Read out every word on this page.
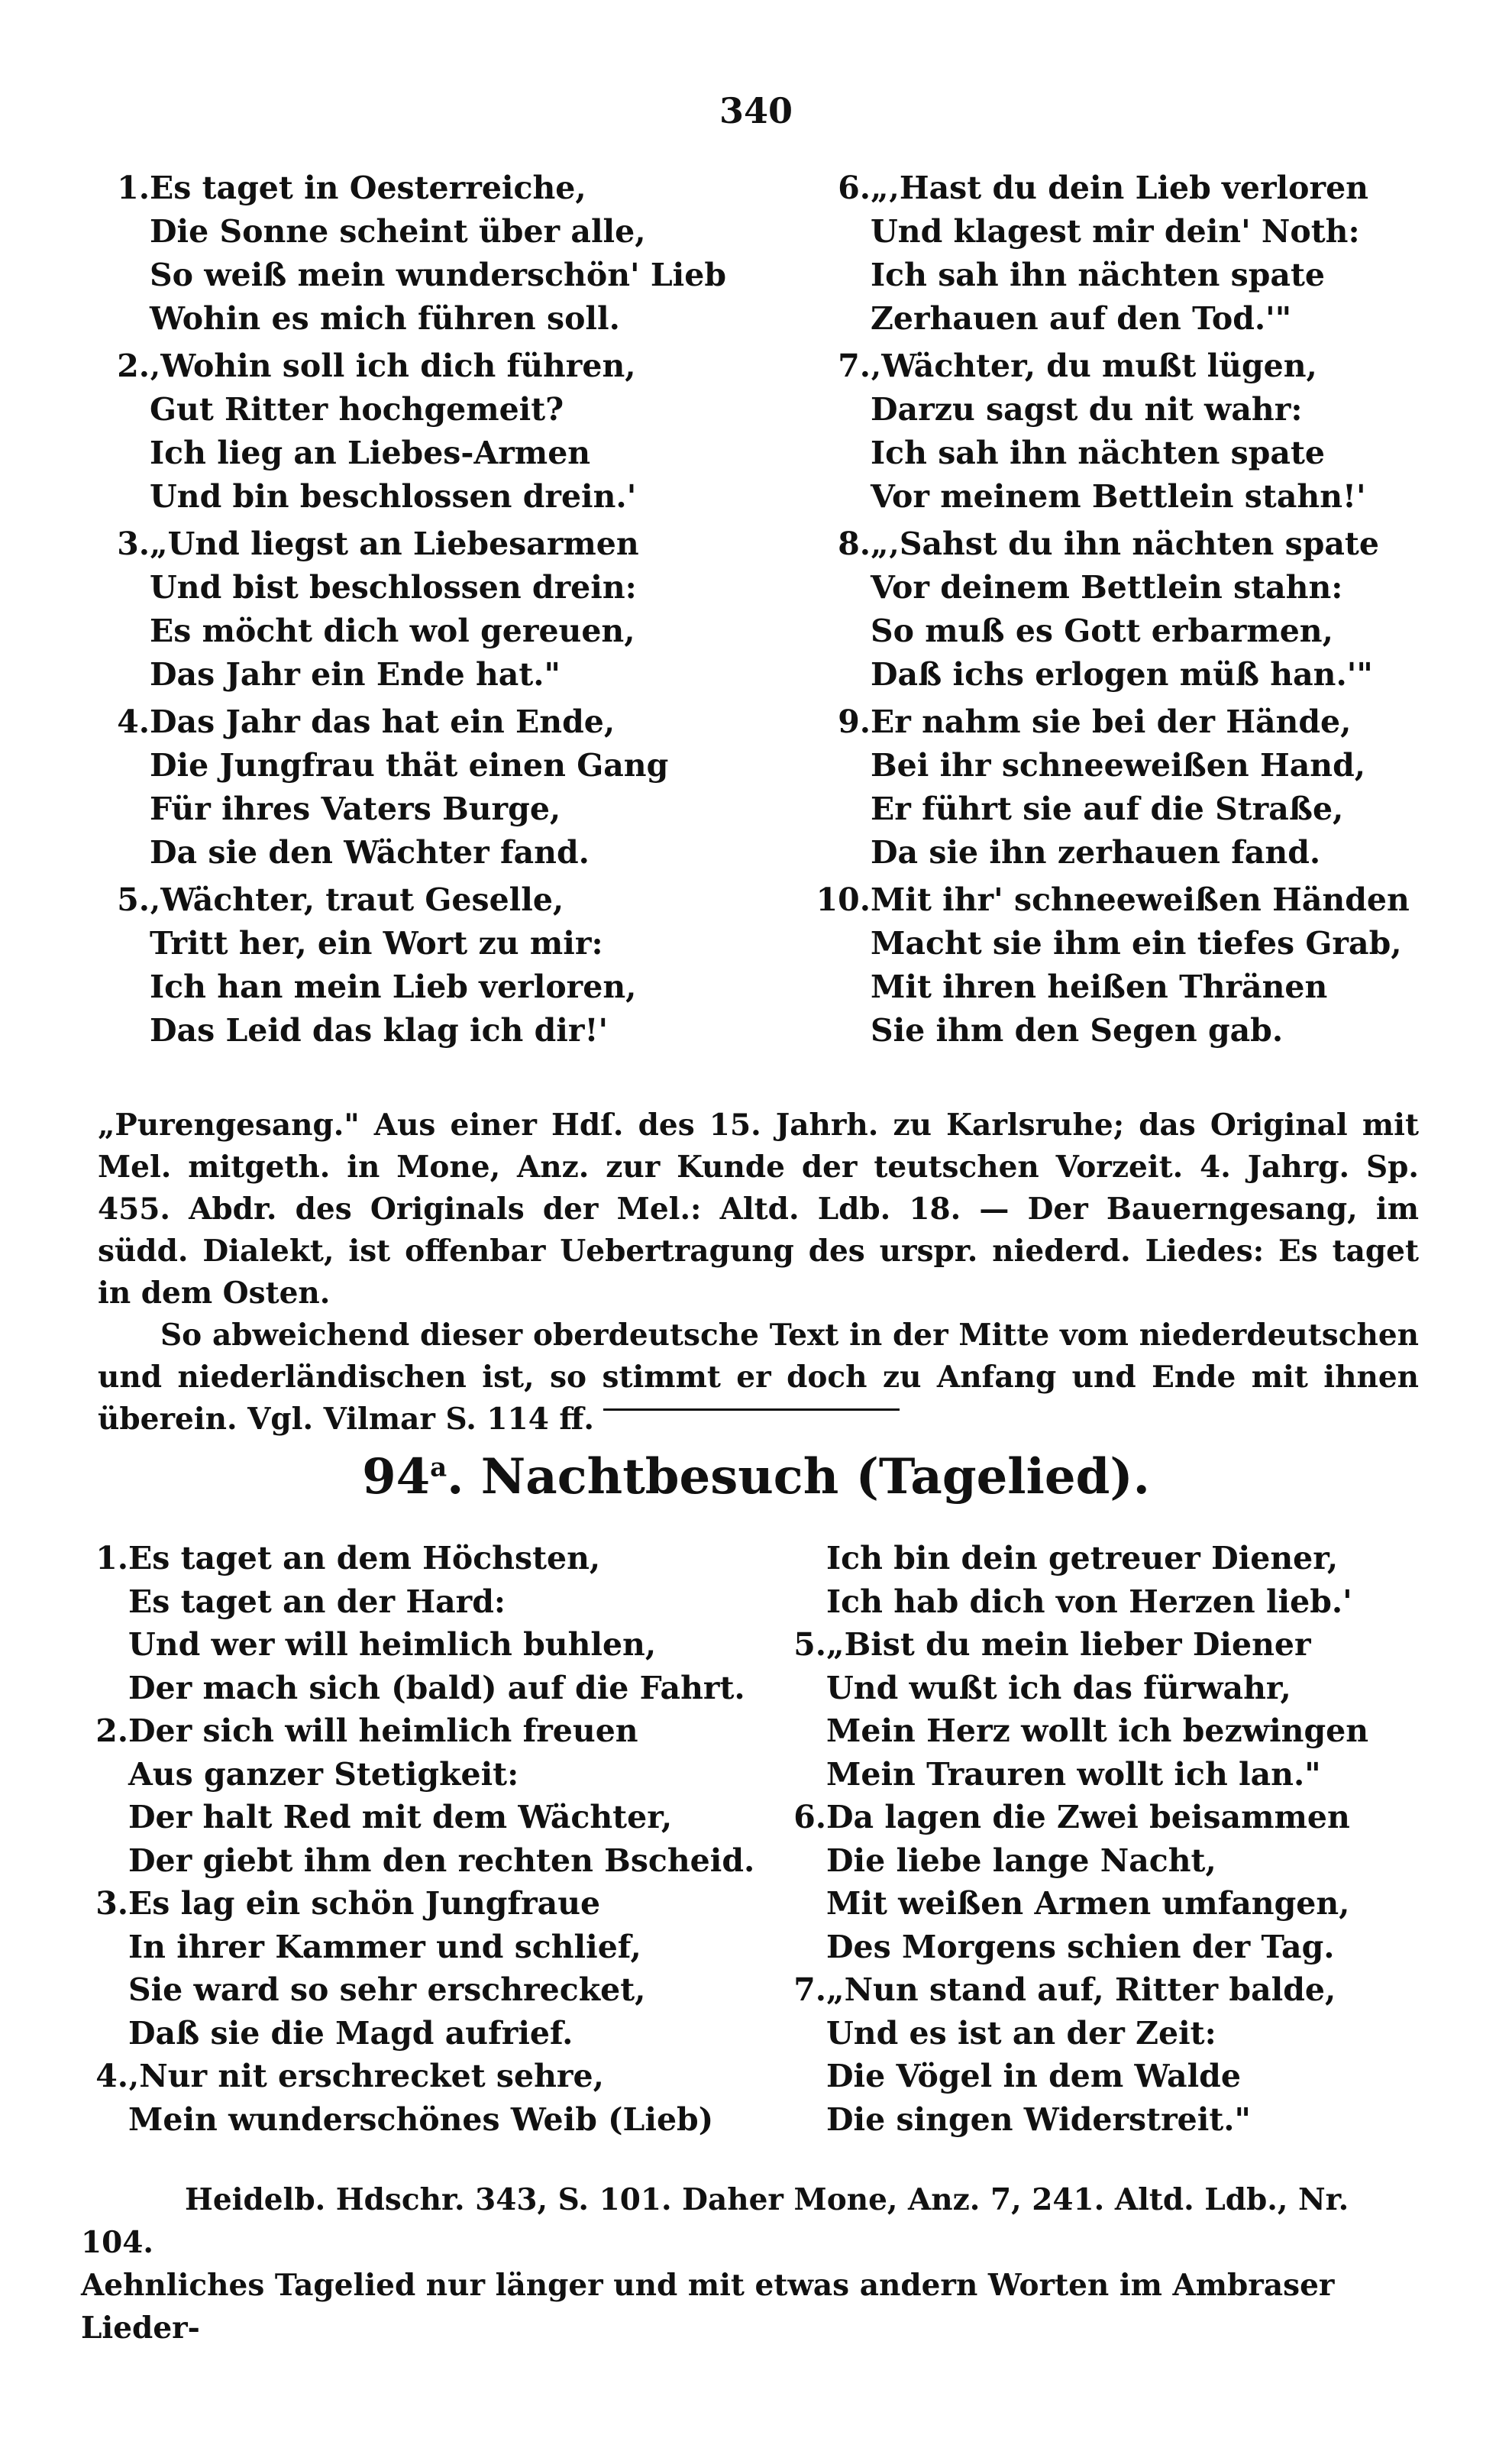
340
1.Es taget in Oesterreiche,
Die Sonne scheint über alle,
So weiß mein wunderschön' Lieb
Wohin es mich führen soll.
2.‚Wohin soll ich dich führen,
Gut Ritter hochgemeit?
Ich lieg an Liebes-Armen
Und bin beschlossen drein.'
3.„Und liegst an Liebesarmen
Und bist beschlossen drein:
Es möcht dich wol gereuen,
Das Jahr ein Ende hat."
4.Das Jahr das hat ein Ende,
Die Jungfrau thät einen Gang
Für ihres Vaters Burge,
Da sie den Wächter fand.
5.‚Wächter, traut Geselle,
Tritt her, ein Wort zu mir:
Ich han mein Lieb verloren,
Das Leid das klag ich dir!'
6.„‚Hast du dein Lieb verloren
Und klagest mir dein' Noth:
Ich sah ihn nächten spate
Zerhauen auf den Tod.'"
7.‚Wächter, du mußt lügen,
Darzu sagst du nit wahr:
Ich sah ihn nächten spate
Vor meinem Bettlein stahn!'
8.„‚Sahst du ihn nächten spate
Vor deinem Bettlein stahn:
So muß es Gott erbarmen,
Daß ichs erlogen müß han.'"
9.Er nahm sie bei der Hände,
Bei ihr schneeweißen Hand,
Er führt sie auf die Straße,
Da sie ihn zerhauen fand.
10.Mit ihr' schneeweißen Händen
Macht sie ihm ein tiefes Grab,
Mit ihren heißen Thränen
Sie ihm den Segen gab.

„Purengesang." Aus einer Hdſ. des 15. Jahrh. zu Karlsruhe; das Original mit Mel. mitgeth. in Mone, Anz. zur Kunde der teutschen Vorzeit. 4. Jahrg. Sp. 455. Abdr. des Originals der Mel.: Altd. Ldb. 18. — Der Bauerngesang, im südd. Dialekt, ist offenbar Uebertragung des urspr. niederd. Liedes: Es taget in dem Osten.

So abweichend dieser oberdeutsche Text in der Mitte vom niederdeutschen und niederländischen ist, so stimmt er doch zu Anfang und Ende mit ihnen überein. Vgl. Vilmar S. 114 ff.

94$^a$. Nachtbesuch (Tagelied).
1.Es taget an dem Höchsten,
Es taget an der Hard:
Und wer will heimlich buhlen,
Der mach sich (bald) auf die Fahrt.
2.Der sich will heimlich freuen
Aus ganzer Stetigkeit:
Der halt Red mit dem Wächter,
Der giebt ihm den rechten Bscheid.
3.Es lag ein schön Jungfraue
In ihrer Kammer und schlief,
Sie ward so sehr erschrecket,
Daß sie die Magd aufrief.
4.‚Nur nit erschrecket sehre,
Mein wunderschönes Weib (Lieb)
Ich bin dein getreuer Diener,
Ich hab dich von Herzen lieb.'
5.„Bist du mein lieber Diener
Und wußt ich das fürwahr,
Mein Herz wollt ich bezwingen
Mein Trauren wollt ich lan."
6.Da lagen die Zwei beisammen
Die liebe lange Nacht,
Mit weißen Armen umfangen,
Des Morgens schien der Tag.
7.„Nun stand auf, Ritter balde,
Und es ist an der Zeit:
Die Vögel in dem Walde
Die singen Widerstreit."

Heidelb. Hdschr. 343, S. 101. Daher Mone, Anz. 7, 241. Altd. Ldb., Nr. 104.

Aehnliches Tagelied nur länger und mit etwas andern Worten im Ambraser Lieder-
